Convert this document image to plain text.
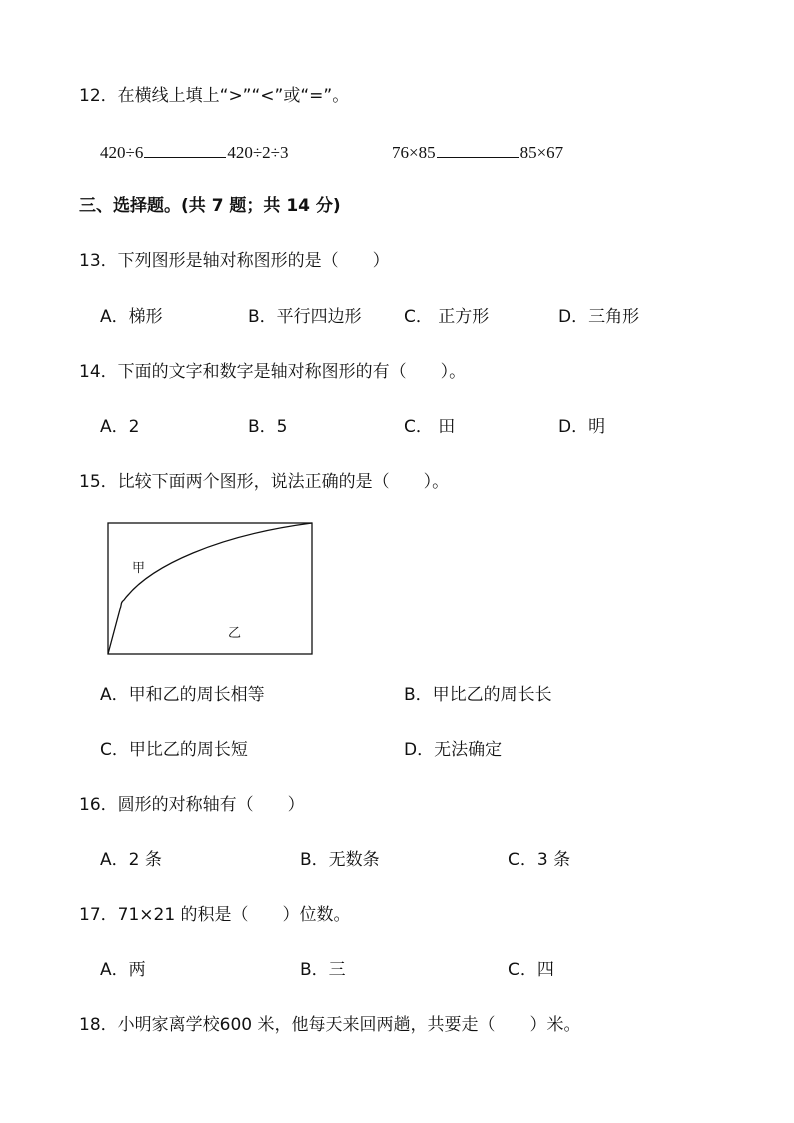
12．在横线上填上“>”“<”或“=”。
420÷6	420÷2÷3	76×85	85×67
三、选择题。(共 7 题；共 14 分)
13．下列图形是轴对称图形的是（　　）
A．梯形	B．平行四边形 C． 正方形	D．三角形
14．下面的文字和数字是轴对称图形的有（　　）。
A．2	B．5	C． 田	D．明
15．比较下面两个图形，说法正确的是（　　）。
甲
乙
A．甲和乙的周长相等	B．甲比乙的周长长
C．甲比乙的周长短	D．无法确定
16．圆形的对称轴有（　　）
A．2 条	B．无数条	C．3 条
17．71×21 的积是（　　）位数。
A．两	B．三	C．四
18．小明家离学校600 米，他每天来回两趟，共要走（　　）米。
